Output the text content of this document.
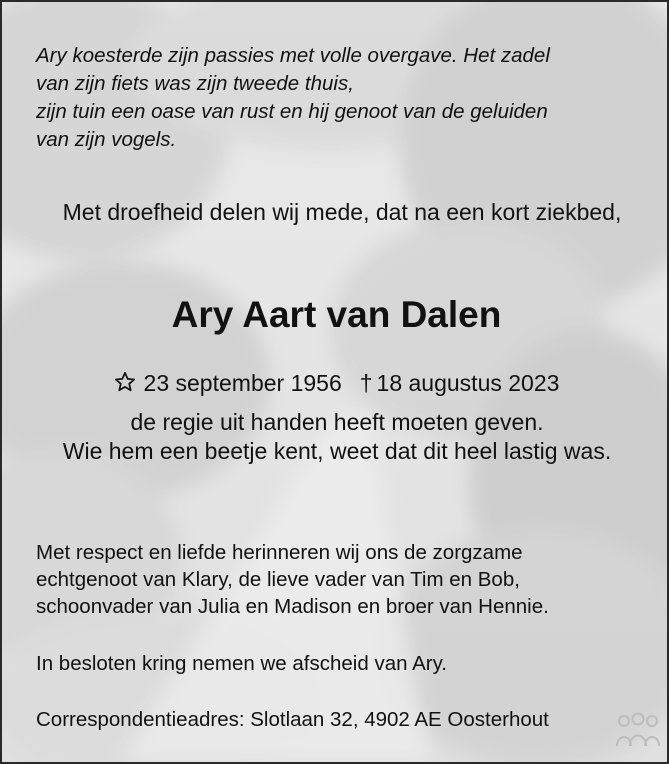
Ary koesterde zijn passies met volle overgave. Het zadel
van zijn fiets was zijn tweede thuis,
zijn tuin een oase van rust en hij genoot van de geluiden
van zijn vogels.
Met droefheid delen wij mede, dat na een kort ziekbed,
Ary Aart van Dalen
23 september 1956 † 18 augustus 2023
de regie uit handen heeft moeten geven.
Wie hem een beetje kent, weet dat dit heel lastig was.
Met respect en liefde herinneren wij ons de zorgzame
echtgenoot van Klary, de lieve vader van Tim en Bob,
schoonvader van Julia en Madison en broer van Hennie.
In besloten kring nemen we afscheid van Ary.
Correspondentieadres: Slotlaan 32, 4902 AE Oosterhout
